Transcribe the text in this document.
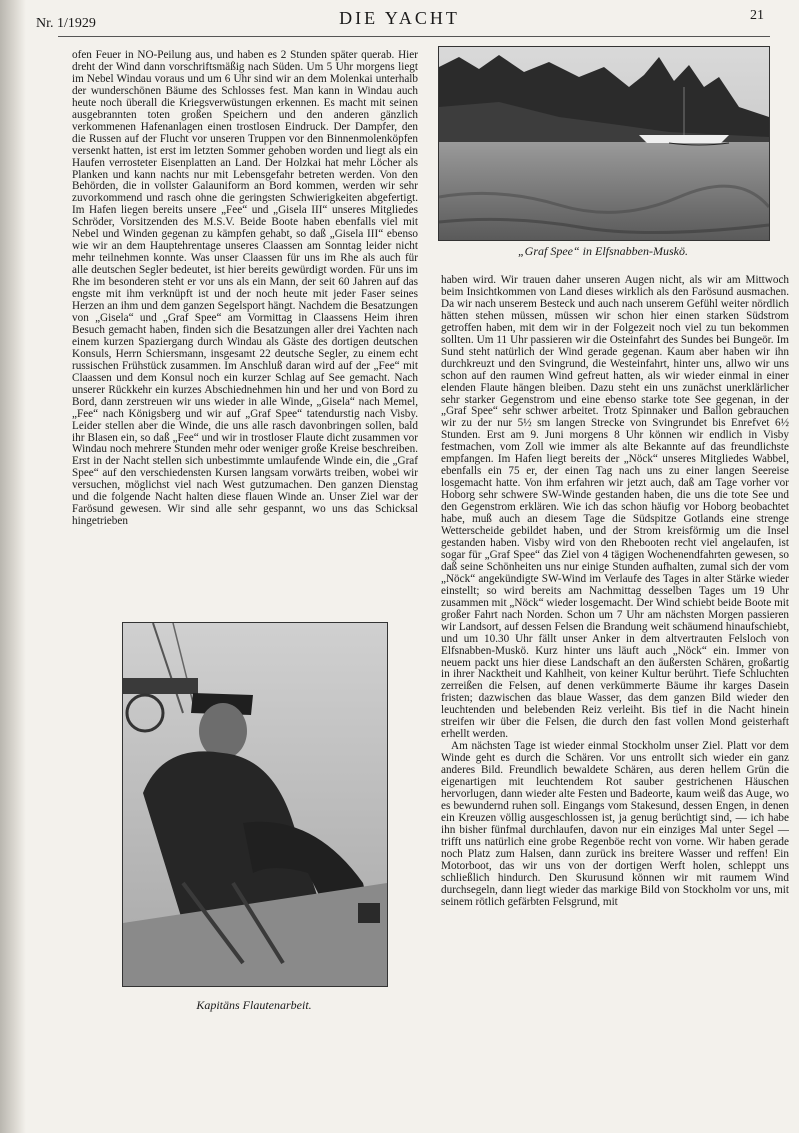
Nr. 1/1929	DIE YACHT	21
„Graf Spee“ in Elfsnabben-Muskö.

ofen Feuer in NO-Peilung aus, und haben es 2 Stunden später querab. Hier dreht der Wind dann vorschriftsmäßig nach Süden. Um 5 Uhr morgens liegt im Nebel Windau voraus und um 6 Uhr sind wir an dem Molenkai unterhalb der wunderschönen Bäume des Schlosses fest. Man kann in Windau auch heute noch überall die Kriegsverwüstungen erkennen. Es macht mit seinen ausgebrannten toten großen Speichern und den anderen gänzlich verkommenen Hafenanlagen einen trostlosen Eindruck. Der Dampfer, den die Russen auf der Flucht vor unseren Truppen vor den Binnenmolenköpfen versenkt hatten, ist erst im letzten Sommer gehoben worden und liegt als ein Haufen verrosteter Eisenplatten an Land. Der Holzkai hat mehr Löcher als Planken und kann nachts nur mit Lebensgefahr betreten werden. Von den Behörden, die in vollster Galauniform an Bord kommen, werden wir sehr zuvorkommend und rasch ohne die geringsten Schwierigkeiten abgefertigt. Im Hafen liegen bereits unsere „Fee“ und „Gisela III“ unseres Mitgliedes Schröder, Vorsitzenden des M.S.V. Beide Boote haben ebenfalls viel mit Nebel und Winden gegenan zu kämpfen gehabt, so daß „Gisela III“ ebenso wie wir an dem Hauptehrentage unseres Claassen am Sonntag leider nicht mehr teilnehmen konnte. Was unser Claassen für uns im Rhe als auch für alle deutschen Segler bedeutet, ist hier bereits gewürdigt worden. Für uns im Rhe im besonderen steht er vor uns als ein Mann, der seit 60 Jahren auf das engste mit ihm verknüpft ist und der noch heute mit jeder Faser seines Herzen an ihm und dem ganzen Segelsport hängt. Nachdem die Besatzungen von „Gisela“ und „Graf Spee“ am Vormittag in Claassens Heim ihren Besuch gemacht haben, finden sich die Besatzungen aller drei Yachten nach einem kurzen Spaziergang durch Windau als Gäste des dortigen deutschen Konsuls, Herrn Schiersmann, insgesamt 22 deutsche Segler, zu einem echt russischen Frühstück zusammen. Im Anschluß daran wird auf der „Fee“ mit Claassen und dem Konsul noch ein kurzer Schlag auf See gemacht. Nach unserer Rückkehr ein kurzes Abschiednehmen hin und her und von Bord zu Bord, dann zerstreuen wir uns wieder in alle Winde, „Gisela“ nach Memel, „Fee“ nach Königsberg und wir auf „Graf Spee“ tatendurstig nach Visby. Leider stellen aber die Winde, die uns alle rasch davonbringen sollen, bald ihr Blasen ein, so daß „Fee“ und wir in trostloser Flaute dicht zusammen vor Windau noch mehrere Stunden mehr oder weniger große Kreise beschreiben. Erst in der Nacht stellen sich unbestimmte umlaufende Winde ein, die „Graf Spee“ auf den verschiedensten Kursen langsam vorwärts treiben, wobei wir versuchen, möglichst viel nach West gutzumachen. Den ganzen Dienstag und die folgende Nacht halten diese flauen Winde an. Unser Ziel war der Farösund gewesen. Wir sind alle sehr gespannt, wo uns das Schicksal hingetrieben

Kapitäns Flautenarbeit.

haben wird. Wir trauen daher unseren Augen nicht, als wir am Mittwoch beim Insichtkommen von Land dieses wirklich als den Farösund ausmachen. Da wir nach unserem Besteck und auch nach unserem Gefühl weiter nördlich hätten stehen müssen, müssen wir schon hier einen starken Südstrom getroffen haben, mit dem wir in der Folgezeit noch viel zu tun bekommen sollten. Um 11 Uhr passieren wir die Osteinfahrt des Sundes bei Bungeör. Im Sund steht natürlich der Wind gerade gegenan. Kaum aber haben wir ihn durchkreuzt und den Svingrund, die Westeinfahrt, hinter uns, allwo wir uns schon auf den raumen Wind gefreut hatten, als wir wieder einmal in einer elenden Flaute hängen bleiben. Dazu steht ein uns zunächst unerklärlicher sehr starker Gegenstrom und eine ebenso starke tote See gegenan, in der „Graf Spee“ sehr schwer arbeitet. Trotz Spinnaker und Ballon gebrauchen wir zu der nur 5½ sm langen Strecke von Svingrundet bis Enrefvet 6½ Stunden. Erst am 9. Juni morgens 8 Uhr können wir endlich in Visby festmachen, vom Zoll wie immer als alte Bekannte auf das freundlichste empfangen. Im Hafen liegt bereits der „Nöck“ unseres Mitgliedes Wabbel, ebenfalls ein 75 er, der einen Tag nach uns zu einer langen Seereise losgemacht hatte. Von ihm erfahren wir jetzt auch, daß am Tage vorher vor Hoborg sehr schwere SW-Winde gestanden haben, die uns die tote See und den Gegenstrom erklären. Wie ich das schon häufig vor Hoborg beobachtet habe, muß auch an diesem Tage die Südspitze Gotlands eine strenge Wetterscheide gebildet haben, und der Strom kreisförmig um die Insel gestanden haben. Visby wird von den Rhebooten recht viel angelaufen, ist sogar für „Graf Spee“ das Ziel von 4 tägigen Wochenendfahrten gewesen, so daß seine Schönheiten uns nur einige Stunden aufhalten, zumal sich der vom „Nöck“ angekündigte SW-Wind im Verlaufe des Tages in alter Stärke wieder einstellt; so wird bereits am Nachmittag desselben Tages um 19 Uhr zusammen mit „Nöck“ wieder losgemacht. Der Wind schiebt beide Boote mit großer Fahrt nach Norden. Schon um 7 Uhr am nächsten Morgen passieren wir Landsort, auf dessen Felsen die Brandung weit schäumend hinaufschiebt, und um 10.30 Uhr fällt unser Anker in dem altvertrauten Felsloch von Elfsnabben-Muskö. Kurz hinter uns läuft auch „Nöck“ ein. Immer von neuem packt uns hier diese Landschaft an den äußersten Schären, großartig in ihrer Nacktheit und Kahlheit, von keiner Kultur berührt. Tiefe Schluchten zerreißen die Felsen, auf denen verkümmerte Bäume ihr karges Dasein fristen; dazwischen das blaue Wasser, das dem ganzen Bild wieder den leuchtenden und belebenden Reiz verleiht. Bis tief in die Nacht hinein streifen wir über die Felsen, die durch den fast vollen Mond geisterhaft erhellt werden.

Am nächsten Tage ist wieder einmal Stockholm unser Ziel. Platt vor dem Winde geht es durch die Schären. Vor uns entrollt sich wieder ein ganz anderes Bild. Freundlich bewaldete Schären, aus deren hellem Grün die eigenartigen mit leuchtendem Rot sauber gestrichenen Häuschen hervorlugen, dann wieder alte Festen und Badeorte, kaum weiß das Auge, wo es bewundernd ruhen soll. Eingangs vom Stakesund, dessen Engen, in denen ein Kreuzen völlig ausgeschlossen ist, ja genug berüchtigt sind, — ich habe ihn bisher fünfmal durchlaufen, davon nur ein einziges Mal unter Segel — trifft uns natürlich eine grobe Regenböe recht von vorne. Wir haben gerade noch Platz zum Halsen, dann zurück ins breitere Wasser und reffen! Ein Motorboot, das wir uns von der dortigen Werft holen, schleppt uns schließlich hindurch. Den Skurusund können wir mit raumem Wind durchsegeln, dann liegt wieder das markige Bild von Stockholm vor uns, mit seinem rötlich gefärbten Felsgrund, mit
